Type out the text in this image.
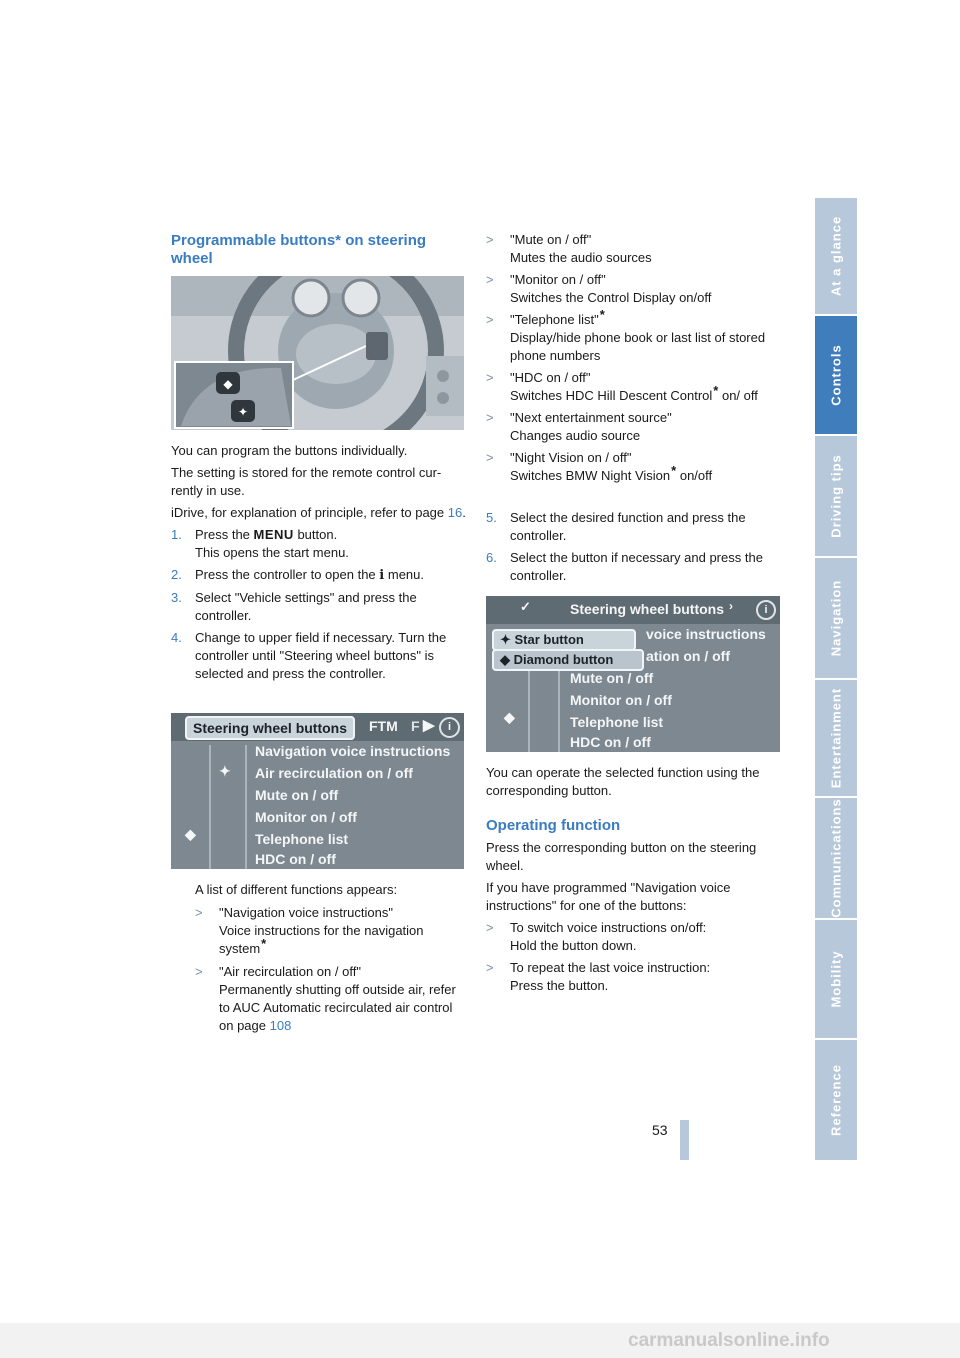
Programmable buttons* on steering wheel
◆
✦
You can program the buttons individually.
The setting is stored for the remote control cur-rently in use.
iDrive, for explanation of principle, refer to page 16.
1. Press the MENU button.
This opens the start menu.
2. Press the controller to open the i menu.
3. Select "Vehicle settings" and press the controller.
4. Change to upper field if necessary. Turn the controller until "Steering wheel buttons" is selected and press the controller.
Steering wheel buttons	FTM F ▶	i
✦
◆
Navigation voice instructions
Air recirculation on / off
Mute on / off
Monitor on / off
Telephone list
HDC on / off
A list of different functions appears:
> "Navigation voice instructions"
Voice instructions for the navigation system*
> "Air recirculation on / off"
Permanently shutting off outside air, refer to AUC Automatic recirculated air control on page 108
> "Mute on / off"
Mutes the audio sources
> "Monitor on / off"
Switches the Control Display on/off
> "Telephone list"*
Display/hide phone book or last list of stored phone numbers
> "HDC on / off"
Switches HDC Hill Descent Control* on/ off
> "Next entertainment source"
Changes audio source
> "Night Vision on / off"
Switches BMW Night Vision* on/off
5. Select the desired function and press the controller.
6. Select the button if necessary and press the controller.
✓	Steering wheel buttons ›	i
✦ Star button
◆ Diamond button
◆
voice instructions
ation on / off
Mute on / off
Monitor on / off
Telephone list
HDC on / off
You can operate the selected function using the corresponding button.
Operating function
Press the corresponding button on the steering wheel.
If you have programmed "Navigation voice instructions" for one of the buttons:
> To switch voice instructions on/off:
Hold the button down.
> To repeat the last voice instruction:
Press the button.
At a glance
Controls
Driving tips
Navigation
Entertainment
Communications
Mobility
Reference
53
carmanualsonline.info
